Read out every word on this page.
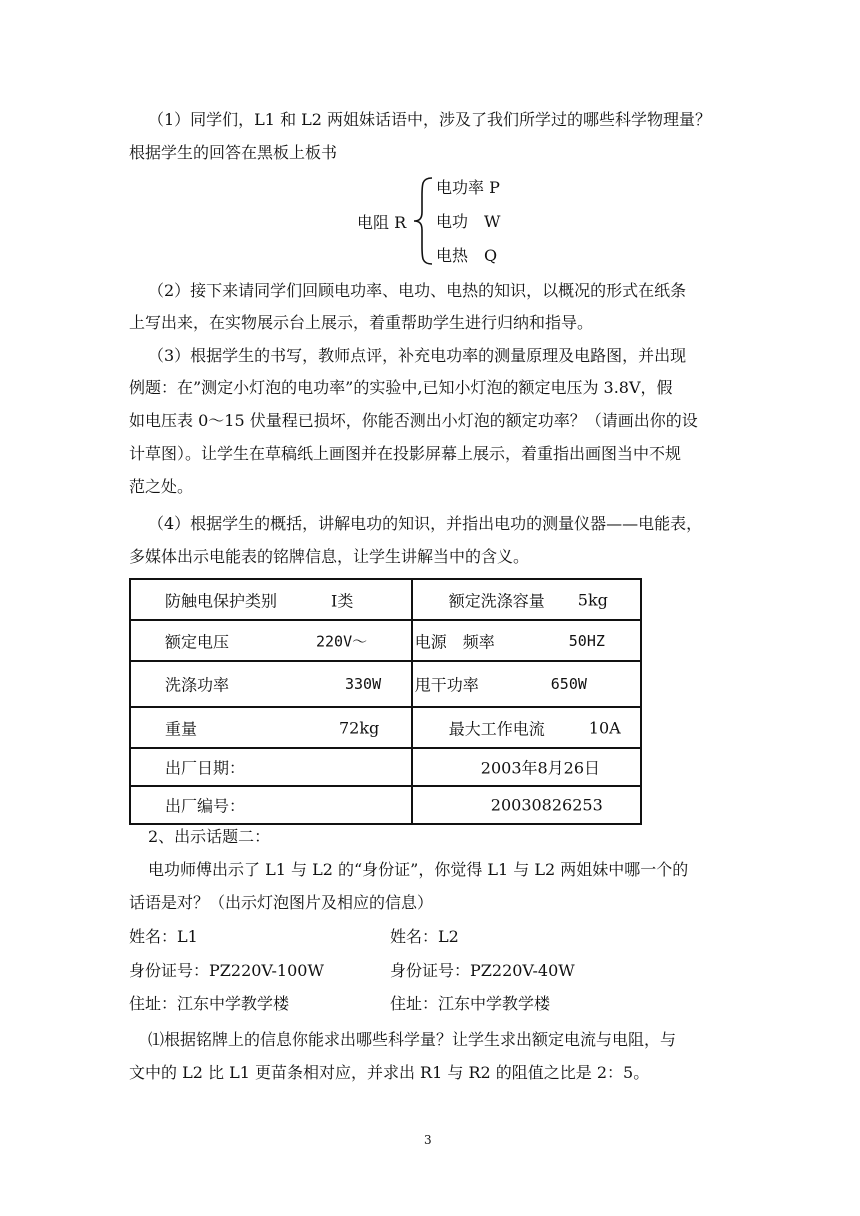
（1）同学们，L1 和 L2 两姐妹话语中，涉及了我们所学过的哪些科学物理量？
根据学生的回答在黑板上板书
电阻 R
电功率 P
电功　W
电热　Q
（2）接下来请同学们回顾电功率、电功、电热的知识，以概况的形式在纸条
上写出来，在实物展示台上展示，着重帮助学生进行归纳和指导。
（3）根据学生的书写，教师点评，补充电功率的测量原理及电路图，并出现
例题：在”测定小灯泡的电功率”的实验中,已知小灯泡的额定电压为 3.8V，假
如电压表 0～15 伏量程已损坏，你能否测出小灯泡的额定功率？（请画出你的设
计草图）。让学生在草稿纸上画图并在投影屏幕上展示，着重指出画图当中不规
范之处。
（4）根据学生的概括，讲解电功的知识，并指出电功的测量仪器——电能表，
多媒体出示电能表的铭牌信息，让学生讲解当中的含义。
防触电保护类别 Ⅰ类	额定洗涤容量 5kg

额定电压 220V～	电源　频率 50HZ

洗涤功率 330W	甩干功率 650W

重量 72kg	最大工作电流 10A

出厂日期：	2003年8月26日

出厂编号：	20030826253
2、出示话题二：
电功师傅出示了 L1 与 L2 的“身份证”，你觉得 L1 与 L2 两姐妹中哪一个的
话语是对？（出示灯泡图片及相应的信息）
姓名：L1	姓名：L2
身份证号：PZ220V-100W	身份证号：PZ220V-40W
住址：江东中学教学楼	住址：江东中学教学楼
⑴根据铭牌上的信息你能求出哪些科学量？让学生求出额定电流与电阻，与
文中的 L2 比 L1 更苗条相对应，并求出 R1 与 R2 的阻值之比是 2：5。
3
